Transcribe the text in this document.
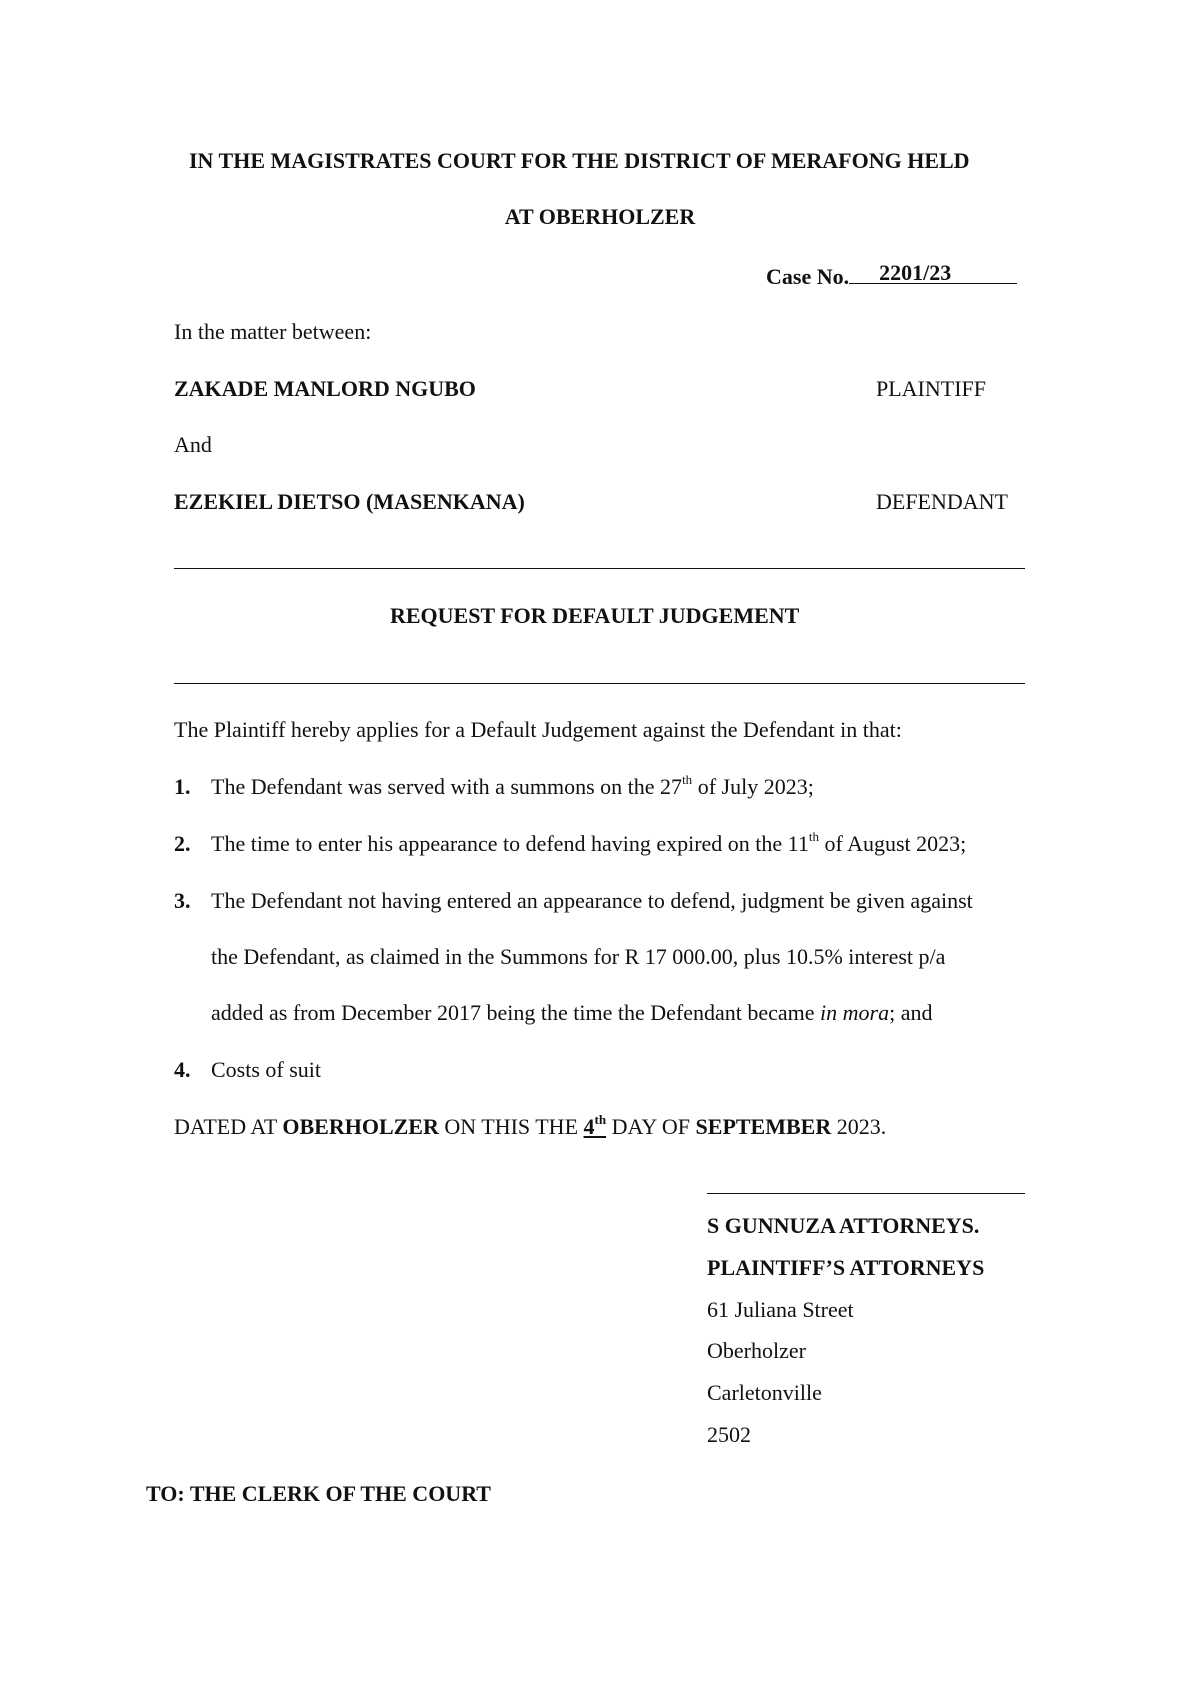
IN THE MAGISTRATES COURT FOR THE DISTRICT OF MERAFONG HELD
AT OBERHOLZER
Case No. 2201/23
In the matter between:
ZAKADE MANLORD NGUBO	PLAINTIFF
And
EZEKIEL DIETSO (MASENKANA)	DEFENDANT
REQUEST FOR DEFAULT JUDGEMENT
The Plaintiff hereby applies for a Default Judgement against the Defendant in that:
1. The Defendant was served with a summons on the 27th of July 2023;
2. The time to enter his appearance to defend having expired on the 11th of August 2023;
3. The Defendant not having entered an appearance to defend, judgment be given against
the Defendant, as claimed in the Summons for R 17 000.00, plus 10.5% interest p/a
added as from December 2017 being the time the Defendant became in mora; and
4. Costs of suit
DATED AT OBERHOLZER ON THIS THE 4th DAY OF SEPTEMBER 2023.
S GUNNUZA ATTORNEYS.
PLAINTIFF’S ATTORNEYS
61 Juliana Street
Oberholzer
Carletonville
2502
TO: THE CLERK OF THE COURT
